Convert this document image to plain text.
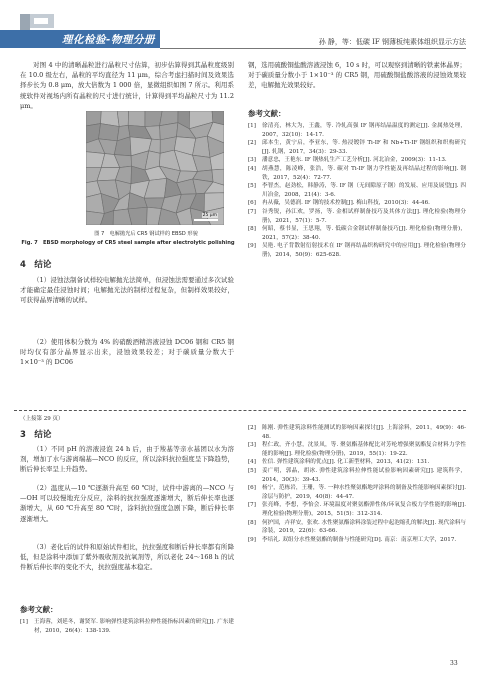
理化检验-物理分册	孙 静，等：低碳 IF 钢薄板纯素体组织显示方法

对图 4 中的清晰晶粒进行晶粒尺寸估算，初步估算得到其晶粒度级别在 10.0 级左右，晶粒的平均直径为 11 μm，综合考虑扫描时间及效果选择步长为 0.8 μm，放大倍数为 1 000 倍，显微组织如图 7 所示。利用系统软件对视场内所有晶粒的尺寸进行统计，计算得到平均晶粒尺寸为 11.2 μm。

25 μm
图 7　电解抛光后 CR5 钢试样的 EBSD 形貌
Fig. 7　EBSD morphology of CR5 steel sample after electrolytic polishing
4　结论

（1）浸蚀法制备试样较电解抛光法简单，但浸蚀法需要通过多次试验才能确定最佳浸蚀时间；电解抛光法的制样过程复杂，但制样效果较好，可获得晶界清晰的试样。

（2）使用体积分数为 4% 的硝酸酒精溶液浸蚀 DC06 钢和 CR5 钢时均仅有部分晶界显示出来，浸蚀效果较差；对于碳质量分数大于 1×10⁻³ 的 DC06

钢，选用硫酸铜盐酸溶液浸蚀 6，10 s 时，可以观察到清晰的铁素体晶界；对于碳质量分数小于 1×10⁻³ 的 CR5 钢，用硫酸铜盐酸溶液的浸蚀效果较差，电解抛光效果较好。

参考文献：
[1]	徐清亮，林大为，王鑫，等. 冷轧高强 IF 钢再结晶温度的测定[J]. 金属热处理，2007，32(10)：14-17.
[2]	邱本生，黄宁启，李亚东，等. 热浸镀锌 Ti-IF 和 Nb+Ti-IF 钢组织和织构研究[J]. 轧钢，2017，34(3)：29-33.
[3]	潘意忠，王艳东. IF 钢热轧生产工艺分析[J]. 河北冶金，2009(3)：11-13.
[4]	胡燕慧，陈凌峰，张浩，等. 碳对 Ti-IF 钢力学性能及再结晶过程的影响[J]. 钢铁，2017，52(4)：72-77.
[5]	李智杰，赵劲松，韩静涛，等. IF 钢（无间隙原子钢）的发展、应用及展望[J]. 四川冶金，2008，21(4)：3-6.
[6]	冉从薇，吴德润. IF 钢的技术控制[J]. 梅山科技，2010(3)：44-46.
[7]	谷秀锐，孙江欢，罗扬，等. 金相试样制备技巧及其体方法[J]. 理化检验(物理分册)，2021，57(1)：5-7.
[8]	何昭，蔡书显，王思翔，等. 低碳合金钢试样制备技巧[J]. 理化检验(物理分册)，2021，57(2)：38-40.
[9]	吴艳. 电子背散射衍射技术在 IF 钢再结晶织构研究中的应用[J]. 理化检验(物理分册)，2014，50(9)：625-628.
（上接第 29 页）
3　结论

（1）不同 pH 的溶液浸泡 24 h 后，由于羧基等亲水基团以水为溶剂，增加了水与游离端基—NCO 的反应，所以涂料抗拉强度呈下降趋势，断后伸长率呈上升趋势。

（2）温度从—10 ℃逐渐升高至 60 ℃时，试件中游离的—NCO 与—OH 可以较慢地充分反应，涂料的抗拉强度逐渐增大，断后伸长率也逐渐增大，从 60 ℃升高至 80 ℃时，涂料抗拉强度急剧下降，断后伸长率逐渐增大。

（3）老化后的试件和原始试件相比，抗拉强度和断后伸长率都有所降低，但是涂料中添加了紫外吸收剂及抗氧剂等，所以老化 24～168 h 的试件断后伸长率的变化不大，抗拉强度基本稳定。

参考文献：
[1]	王海蓉，刘延冬，谢贤军. 影响弹性建筑涂料拉伸性能指标因素的研究[J]. 广东建材，2010，26(4)：138-139.
[2]	陈刚. 弹性建筑涂料性能测试的影响因素探讨[J]. 上海涂料，2011，49(9)：46-48.
[3]	程仁政，齐小慧，沈景凤，等. 聚氨酯基体配比对芳纶增强聚氨酯复合材料力学性能的影响[J]. 理化检验(物理分册)，2019，55(1)：19-22.
[4]	佐信. 弹性建筑涂料的优点[J]. 化工新型材料，2013，41(2)：131.
[5]	姜广明，郭晶，胡冰. 弹性建筑涂料拉伸性能试验影响因素研究[J]. 建筑科学，2014，30(3)：39-43.
[6]	杨宁，范栋岩，王珊，等. 一种水性聚氨酯地坪涂料的制备及性能影响因素探讨[J]. 涂层与防护，2019，40(8)：44-47.
[7]	张亮峰，李想，李怡会. 环境温度对聚氨酯弹性体/环氧复合板力学性能的影响[J]. 理化检验(物理分册)，2015，51(5)：312-314.
[8]	何护国，卉祥安，张欢. 水性聚氨酯涂料涂装过程中起泡缩孔的解决[J]. 现代涂料与涂装，2019，22(6)：63-66.
[9]	李培礼. 双组分水性聚氨酯的制备与性能研究[D]. 南京：南京理工大学，2017.
33
